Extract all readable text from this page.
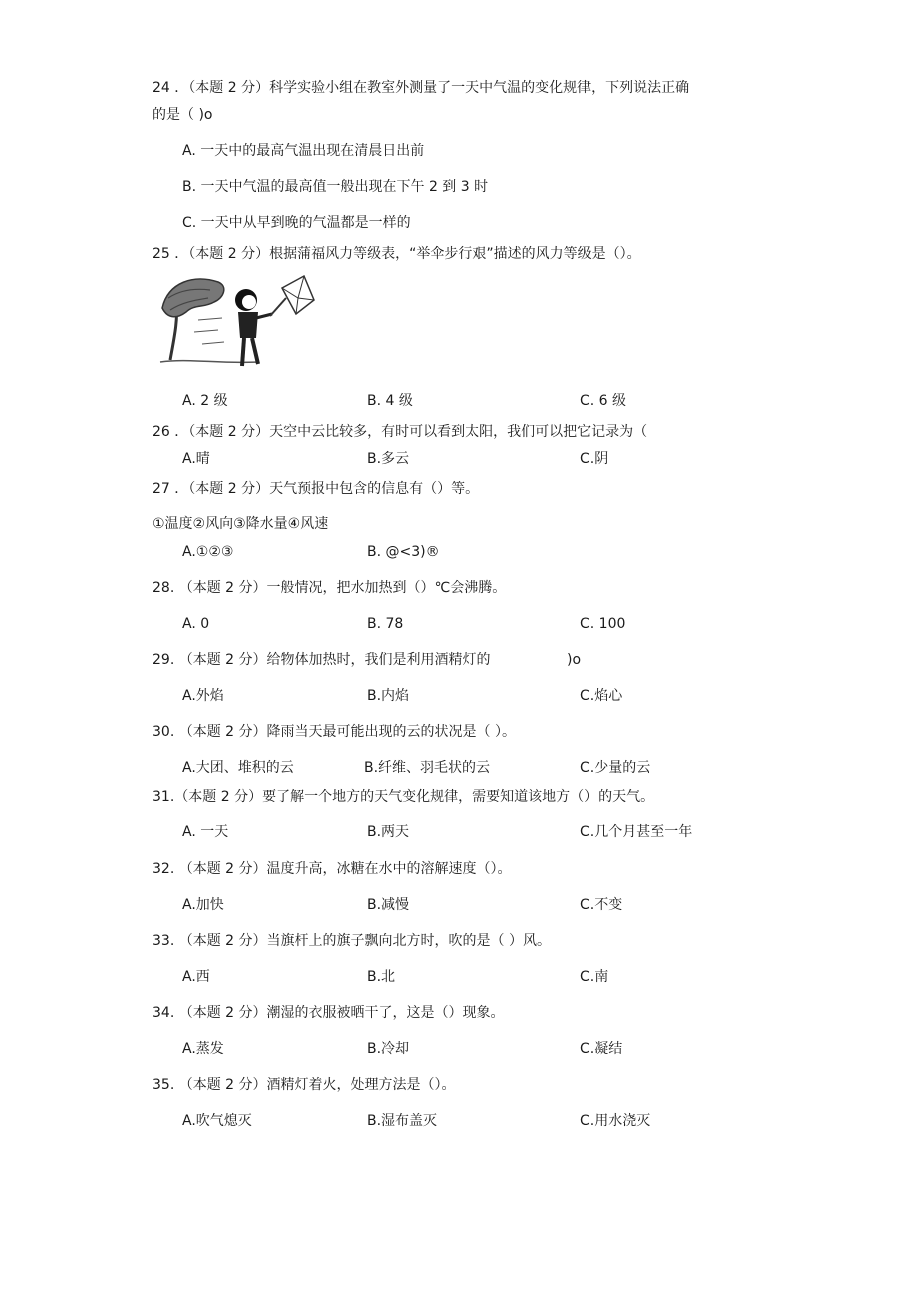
24 ．（本题 2 分）科学实验小组在教室外测量了一天中气温的变化规律，下列说法正确
的是（ )o
A. 一天中的最高气温出现在清晨日出前
B. 一天中气温的最高值一般出现在下午 2 到 3 时
C. 一天中从早到晚的气温都是一样的
25 ．（本题 2 分）根据蒲福风力等级表，“举伞步行艰”描述的风力等级是（）。
A. 2 级	B. 4 级	C. 6 级
26 ．（本题 2 分）天空中云比较多，有时可以看到太阳，我们可以把它记录为（
A.晴	B.多云	C.阴
27 ．（本题 2 分）天气预报中包含的信息有（）等。
①温度②风向③降水量④风速
A.①②③	B. @<3)®
28. （本题 2 分）一般情况，把水加热到（）℃会沸腾。
A. 0	B. 78	C. 100
29. （本题 2 分）给物体加热时，我们是利用酒精灯的	)o
A.外焰	B.内焰	C.焰心
30. （本题 2 分）降雨当天最可能出现的云的状况是（ ）。
A.大团、堆积的云	B.纤维、羽毛状的云	C.少量的云
31.（本题 2 分）要了解一个地方的天气变化规律，需要知道该地方（）的天气。
A. 一天	B.两天	C.几个月甚至一年
32. （本题 2 分）温度升高，冰糖在水中的溶解速度（）。
A.加快	B.减慢	C.不变
33. （本题 2 分）当旗杆上的旗子飘向北方时，吹的是（ ）风。
A.西	B.北	C.南
34. （本题 2 分）潮湿的衣服被晒干了，这是（）现象。
A.蒸发	B.冷却	C.凝结
35. （本题 2 分）酒精灯着火，处理方法是（）。
A.吹气熄灭	B.湿布盖灭	C.用水浇灭
